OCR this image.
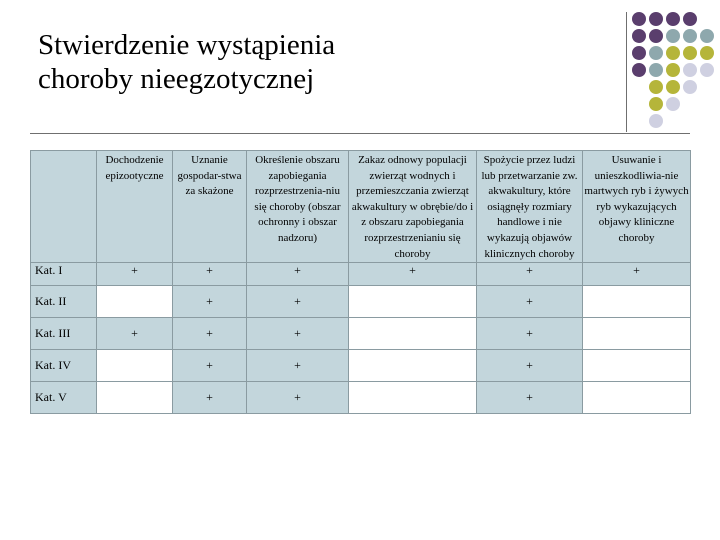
Stwierdzenie wystąpienia
choroby nieegzotycznej
	Dochodzenie epizootyczne	Uznanie gospodar-stwa za skażone	Określenie obszaru zapobiegania rozprzestrzenia-niu się choroby (obszar ochronny i obszar nadzoru)	Zakaz odnowy populacji zwierząt wodnych i przemieszczania zwierząt akwakultury w obrębie/do i z obszaru zapobiegania rozprzestrzenianiu się choroby	Spożycie przez ludzi lub przetwarzanie zw. akwakultury, które osiągnęły rozmiary handlowe i nie wykazują objawów klinicznych choroby	Usuwanie i unieszkodliwia-nie martwych ryb i żywych ryb wykazujących objawy kliniczne choroby
Kat. I	+	+	+	+	+	+
Kat. II		+	+		+	
Kat. III	+	+	+		+	
Kat. IV		+	+		+	
Kat. V		+	+		+	
